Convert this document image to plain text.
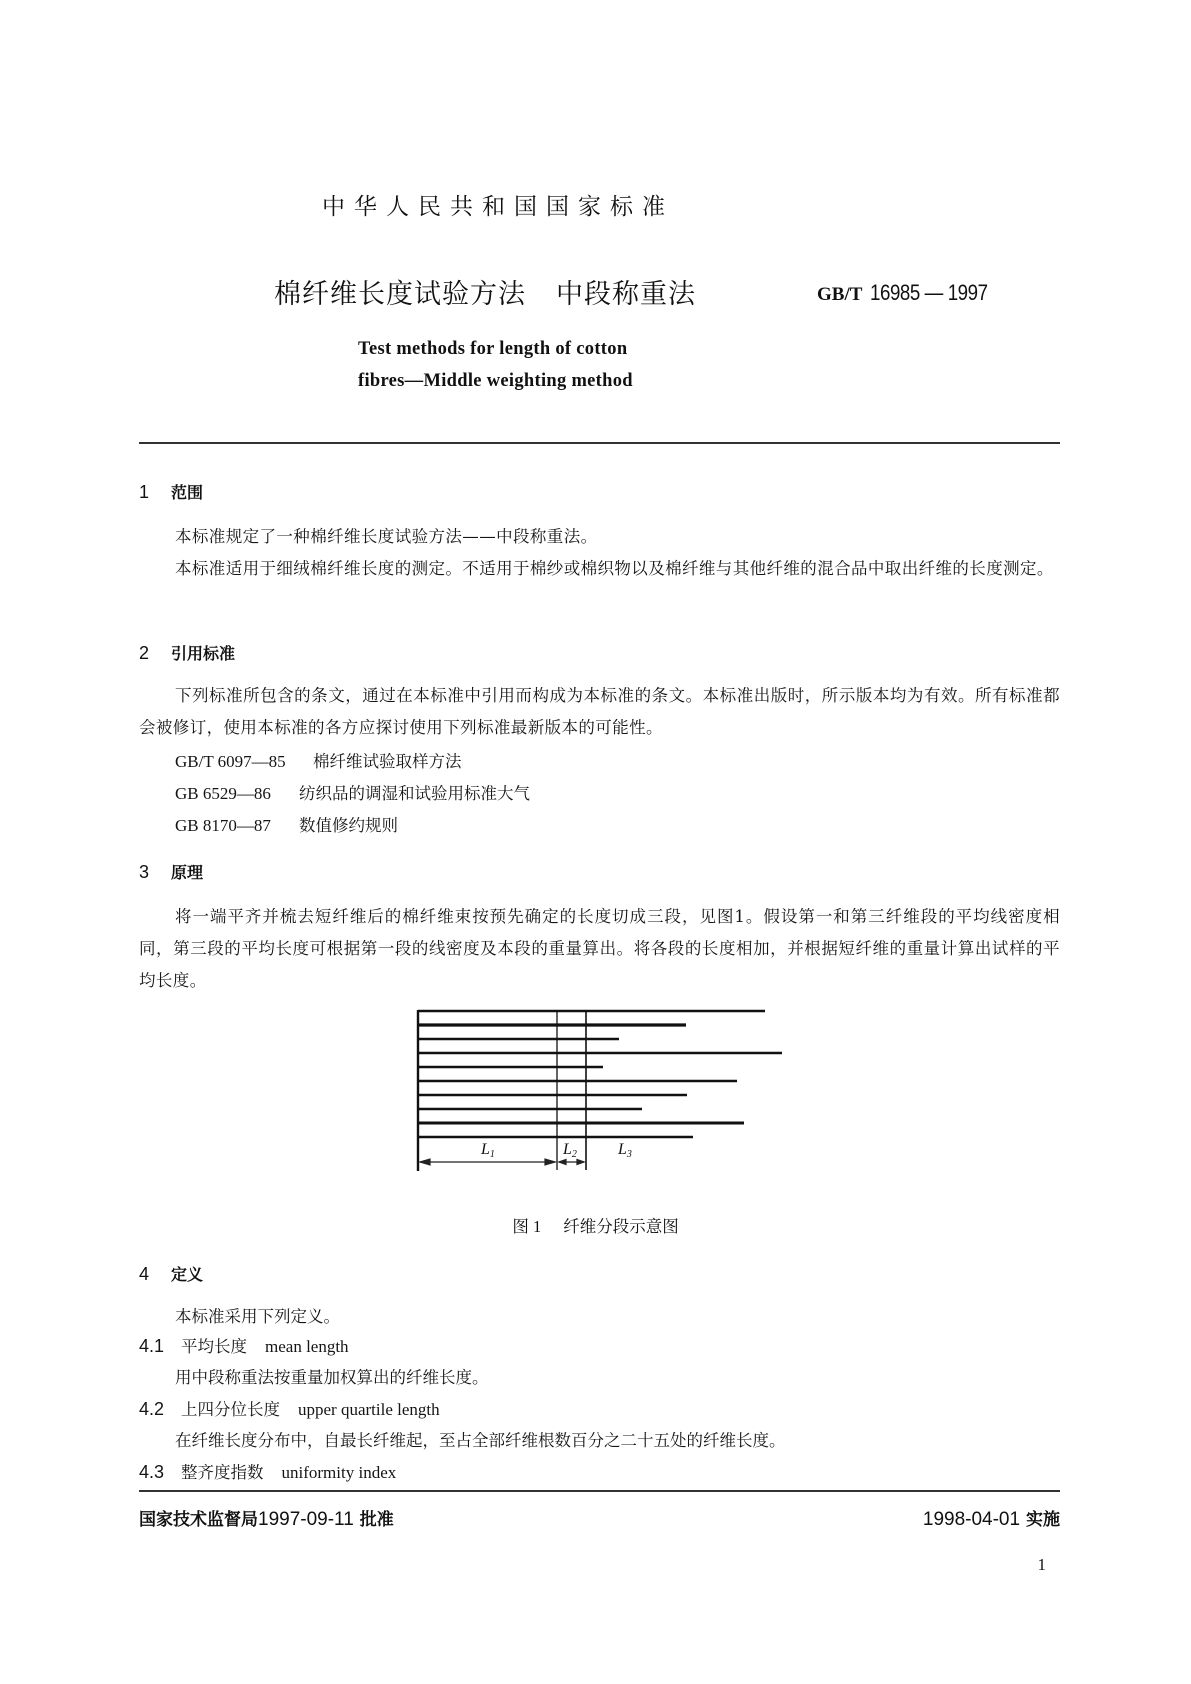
中华人民共和国国家标准
棉纤维长度试验方法 中段称重法	GB/T 16985 — 1997
Test methods for length of cotton
fibres—Middle weighting method
1 范围
本标准规定了一种棉纤维长度试验方法——中段称重法。
本标准适用于细绒棉纤维长度的测定。不适用于棉纱或棉织物以及棉纤维与其他纤维的混合品中取出纤维的长度测定。
2 引用标准
下列标准所包含的条文，通过在本标准中引用而构成为本标准的条文。本标准出版时，所示版本均为有效。所有标准都会被修订，使用本标准的各方应探讨使用下列标准最新版本的可能性。
GB/T 6097—85 棉纤维试验取样方法
GB 6529—86 纺织品的调湿和试验用标准大气
GB 8170—87 数值修约规则
3 原理
将一端平齐并梳去短纤维后的棉纤维束按预先确定的长度切成三段，见图1。假设第一和第三纤维段的平均线密度相同，第三段的平均长度可根据第一段的线密度及本段的重量算出。将各段的长度相加，并根据短纤维的重量计算出试样的平均长度。
L1	L2	L3
图 1 纤维分段示意图
4 定义
本标准采用下列定义。
4.1 平均长度 mean length
用中段称重法按重量加权算出的纤维长度。
4.2 上四分位长度 upper quartile length
在纤维长度分布中，自最长纤维起，至占全部纤维根数百分之二十五处的纤维长度。
4.3 整齐度指数 uniformity index
国家技术监督局1997-09-11 批准	1998-04-01 实施
1
